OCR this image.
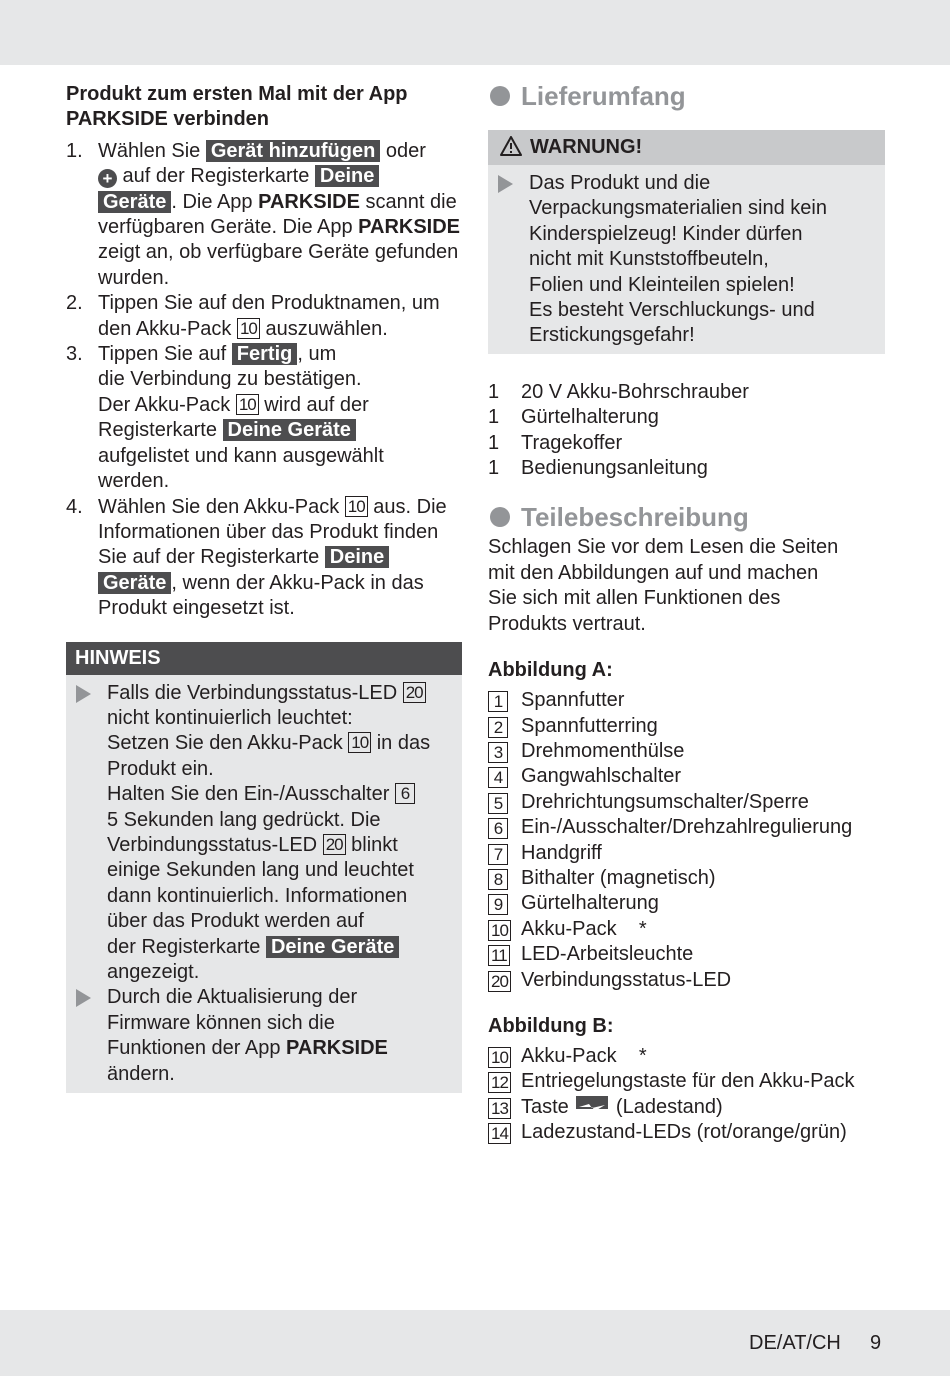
Produkt zum ersten Mal mit der App
PARKSIDE verbinden
1. Wählen Sie Gerät hinzufügen oder
+ auf der Registerkarte Deine
Geräte . Die App PARKSIDE scannt die verfügbaren Geräte. Die App PARKSIDE zeigt an, ob verfügbare Geräte gefunden wurden.
2. Tippen Sie auf den Produktnamen, um den Akku-Pack 10 auszuwählen.
3. Tippen Sie auf Fertig , um
die Verbindung zu bestätigen.
Der Akku-Pack 10 wird auf der
Registerkarte Deine Geräte
aufgelistet und kann ausgewählt
werden.
4. Wählen Sie den Akku-Pack 10 aus. Die Informationen über das Produkt finden Sie auf der Registerkarte Deine
Geräte , wenn der Akku-Pack in das Produkt eingesetzt ist.
HINWEIS
Falls die Verbindungsstatus-LED 20
nicht kontinuierlich leuchtet:
Setzen Sie den Akku-Pack 10 in das
Produkt ein.
Halten Sie den Ein-/Ausschalter 6
5 Sekunden lang gedrückt. Die
Verbindungsstatus-LED 20 blinkt
einige Sekunden lang und leuchtet
dann kontinuierlich. Informationen
über das Produkt werden auf
der Registerkarte Deine Geräte
angezeigt.
Durch die Aktualisierung der
Firmware können sich die
Funktionen der App PARKSIDE
ändern.
Lieferumfang
WARNUNG!
Das Produkt und die
Verpackungsmaterialien sind kein
Kinderspielzeug! Kinder dürfen
nicht mit Kunststoffbeuteln,
Folien und Kleinteilen spielen!
Es besteht Verschluckungs- und
Erstickungsgefahr!
1 20 V Akku-Bohrschrauber
1 Gürtelhalterung
1 Tragekoffer
1 Bedienungsanleitung
Teilebeschreibung
Schlagen Sie vor dem Lesen die Seiten
mit den Abbildungen auf und machen
Sie sich mit allen Funktionen des
Produkts vertraut.
Abbildung A:
1 Spannfutter
2 Spannfutterring
3 Drehmomenthülse
4 Gangwahlschalter
5 Drehrichtungsumschalter/Sperre
6 Ein-/Ausschalter/Drehzahlregulierung
7 Handgriff
8 Bithalter (magnetisch)
9 Gürtelhalterung
10 Akku-Pack    *
11 LED-Arbeitsleuchte
20 Verbindungsstatus-LED
Abbildung B:
10 Akku-Pack    *
12 Entriegelungstaste für den Akku-Pack
13 Taste  (Ladestand)
14 Ladezustand-LEDs (rot/orange/grün)
DE/AT/CH 9
